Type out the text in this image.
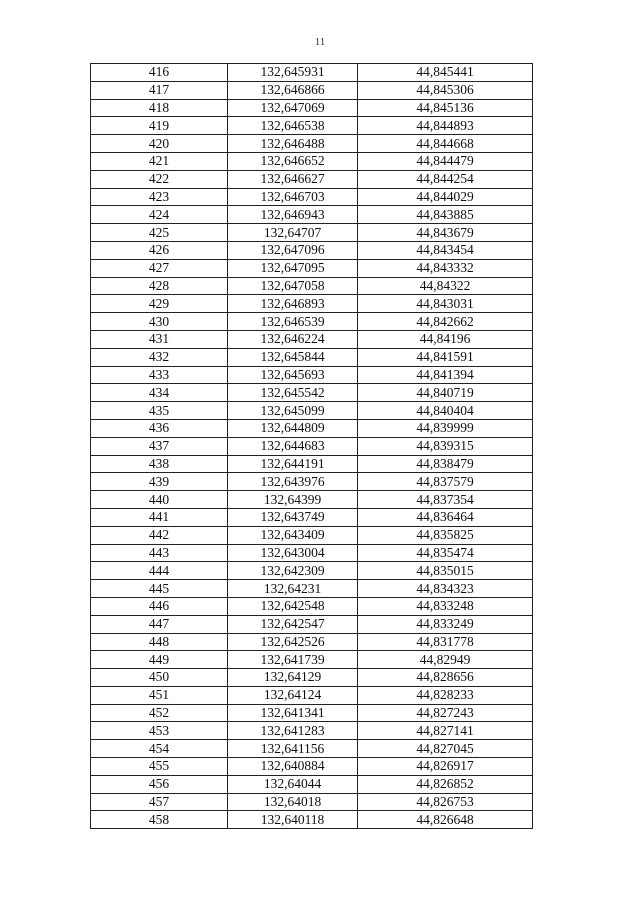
11
416	132,645931	44,845441
417	132,646866	44,845306
418	132,647069	44,845136
419	132,646538	44,844893
420	132,646488	44,844668
421	132,646652	44,844479
422	132,646627	44,844254
423	132,646703	44,844029
424	132,646943	44,843885
425	132,64707	44,843679
426	132,647096	44,843454
427	132,647095	44,843332
428	132,647058	44,84322
429	132,646893	44,843031
430	132,646539	44,842662
431	132,646224	44,84196
432	132,645844	44,841591
433	132,645693	44,841394
434	132,645542	44,840719
435	132,645099	44,840404
436	132,644809	44,839999
437	132,644683	44,839315
438	132,644191	44,838479
439	132,643976	44,837579
440	132,64399	44,837354
441	132,643749	44,836464
442	132,643409	44,835825
443	132,643004	44,835474
444	132,642309	44,835015
445	132,64231	44,834323
446	132,642548	44,833248
447	132,642547	44,833249
448	132,642526	44,831778
449	132,641739	44,82949
450	132,64129	44,828656
451	132,64124	44,828233
452	132,641341	44,827243
453	132,641283	44,827141
454	132,641156	44,827045
455	132,640884	44,826917
456	132,64044	44,826852
457	132,64018	44,826753
458	132,640118	44,826648
